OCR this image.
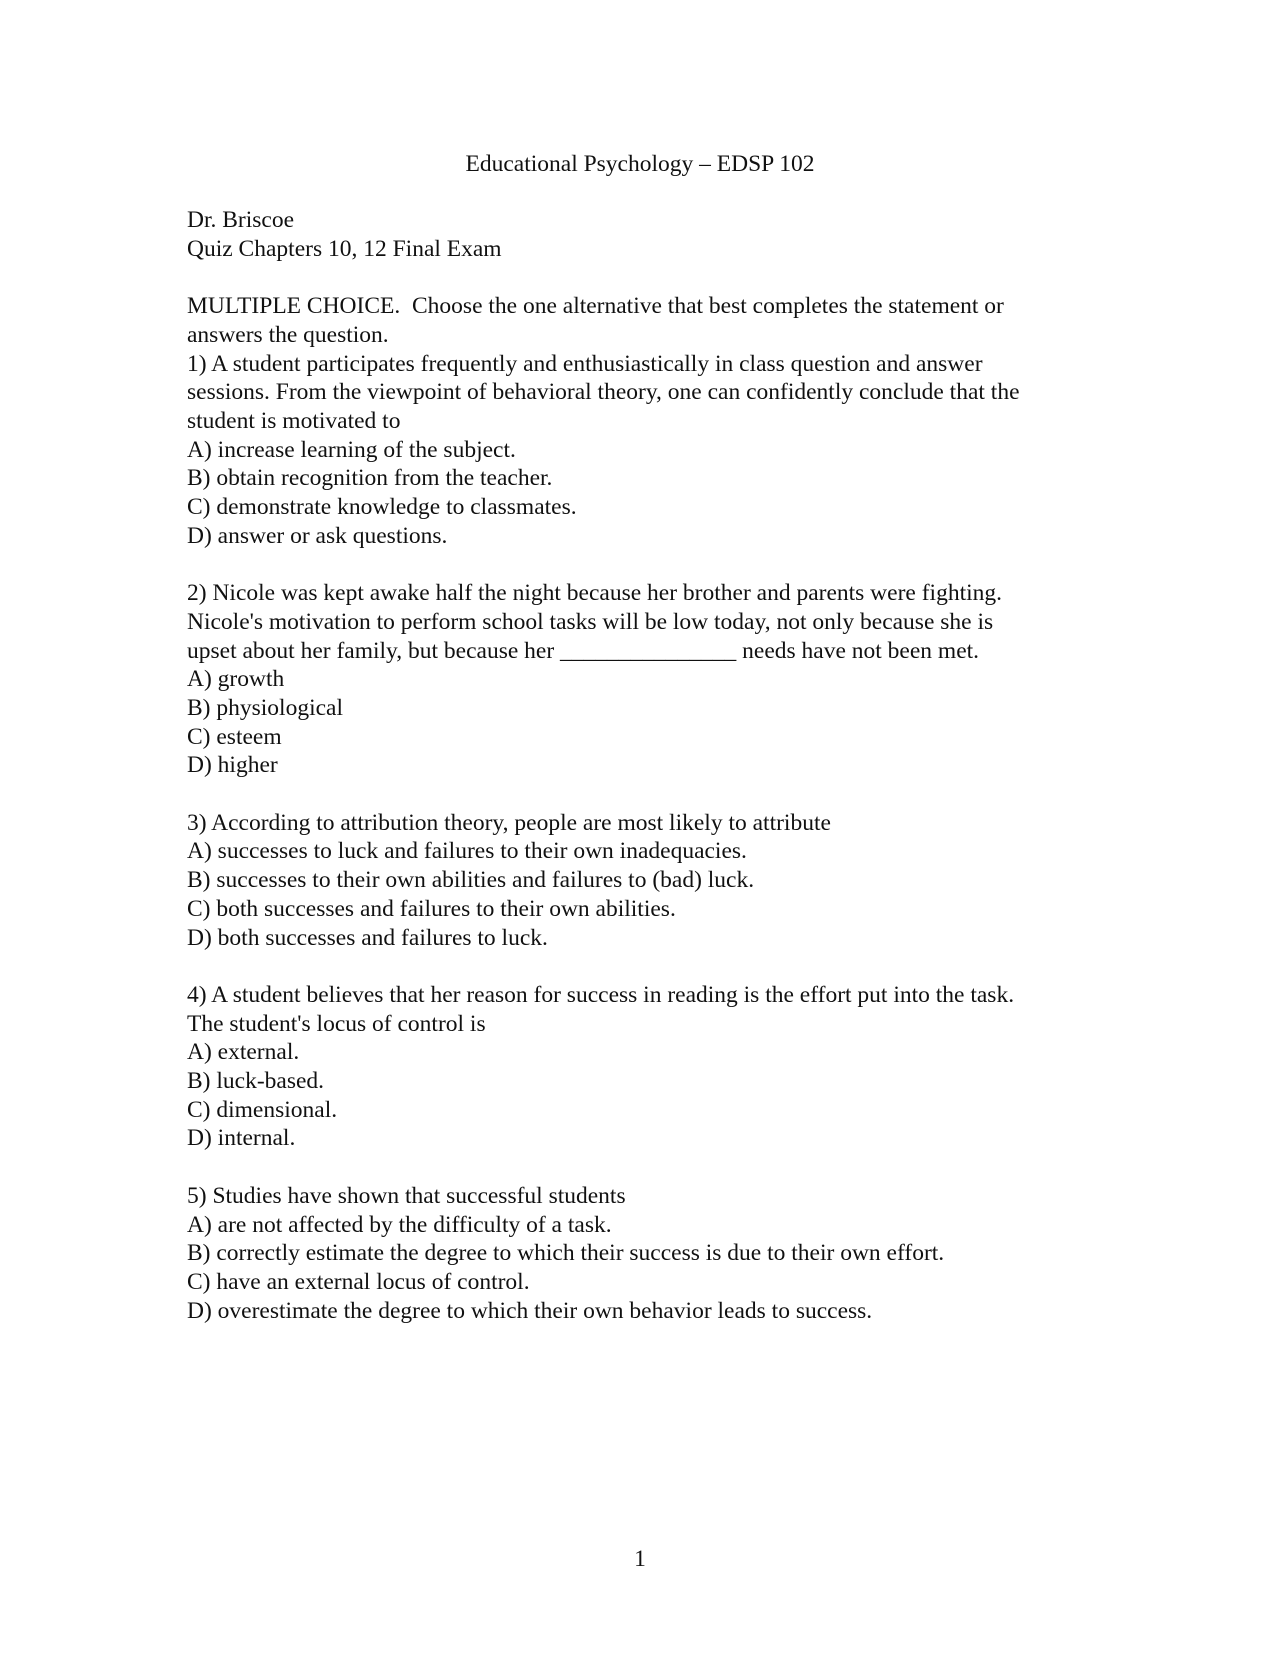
Educational Psychology – EDSP 102
Dr. Briscoe
Quiz Chapters 10, 12 Final Exam
MULTIPLE CHOICE.  Choose the one alternative that best completes the statement or
answers the question.
1) A student participates frequently and enthusiastically in class question and answer
sessions. From the viewpoint of behavioral theory, one can confidently conclude that the
student is motivated to
A) increase learning of the subject.
B) obtain recognition from the teacher.
C) demonstrate knowledge to classmates.
D) answer or ask questions.
2) Nicole was kept awake half the night because her brother and parents were fighting.
Nicole's motivation to perform school tasks will be low today, not only because she is
upset about her family, but because her _______________ needs have not been met.
A) growth
B) physiological
C) esteem
D) higher
3) According to attribution theory, people are most likely to attribute
A) successes to luck and failures to their own inadequacies.
B) successes to their own abilities and failures to (bad) luck.
C) both successes and failures to their own abilities.
D) both successes and failures to luck.
4) A student believes that her reason for success in reading is the effort put into the task.
The student's locus of control is
A) external.
B) luck-based.
C) dimensional.
D) internal.
5) Studies have shown that successful students
A) are not affected by the difficulty of a task.
B) correctly estimate the degree to which their success is due to their own effort.
C) have an external locus of control.
D) overestimate the degree to which their own behavior leads to success.
1
